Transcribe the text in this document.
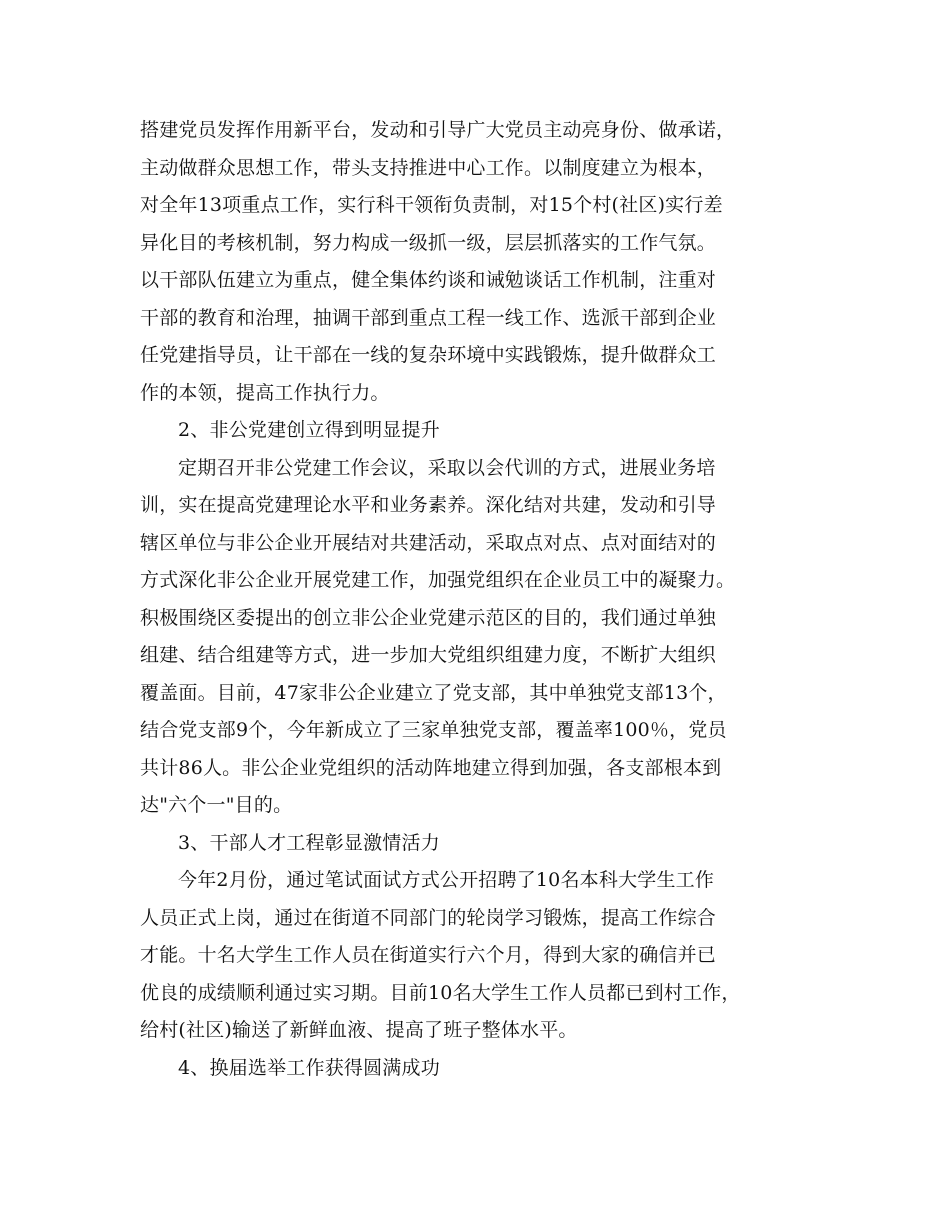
搭建党员发挥作用新平台，发动和引导广大党员主动亮身份、做承诺，
主动做群众思想工作，带头支持推进中心工作。以制度建立为根本，
对全年13项重点工作，实行科干领衔负责制，对15个村(社区)实行差
异化目的考核机制，努力构成一级抓一级，层层抓落实的工作气氛。
以干部队伍建立为重点，健全集体约谈和诫勉谈话工作机制，注重对
干部的教育和治理，抽调干部到重点工程一线工作、选派干部到企业
任党建指导员，让干部在一线的复杂环境中实践锻炼，提升做群众工
作的本领，提高工作执行力。
2、非公党建创立得到明显提升
定期召开非公党建工作会议，采取以会代训的方式，进展业务培
训，实在提高党建理论水平和业务素养。深化结对共建，发动和引导
辖区单位与非公企业开展结对共建活动，采取点对点、点对面结对的
方式深化非公企业开展党建工作，加强党组织在企业员工中的凝聚力。
积极围绕区委提出的创立非公企业党建示范区的目的，我们通过单独
组建、结合组建等方式，进一步加大党组织组建力度，不断扩大组织
覆盖面。目前，47家非公企业建立了党支部，其中单独党支部13个，
结合党支部9个，今年新成立了三家单独党支部，覆盖率100％，党员
共计86人。非公企业党组织的活动阵地建立得到加强，各支部根本到
达"六个一"目的。
3、干部人才工程彰显激情活力
今年2月份，通过笔试面试方式公开招聘了10名本科大学生工作
人员正式上岗，通过在街道不同部门的轮岗学习锻炼，提高工作综合
才能。十名大学生工作人员在街道实行六个月，得到大家的确信并已
优良的成绩顺利通过实习期。目前10名大学生工作人员都已到村工作，
给村(社区)输送了新鲜血液、提高了班子整体水平。
4、换届选举工作获得圆满成功
